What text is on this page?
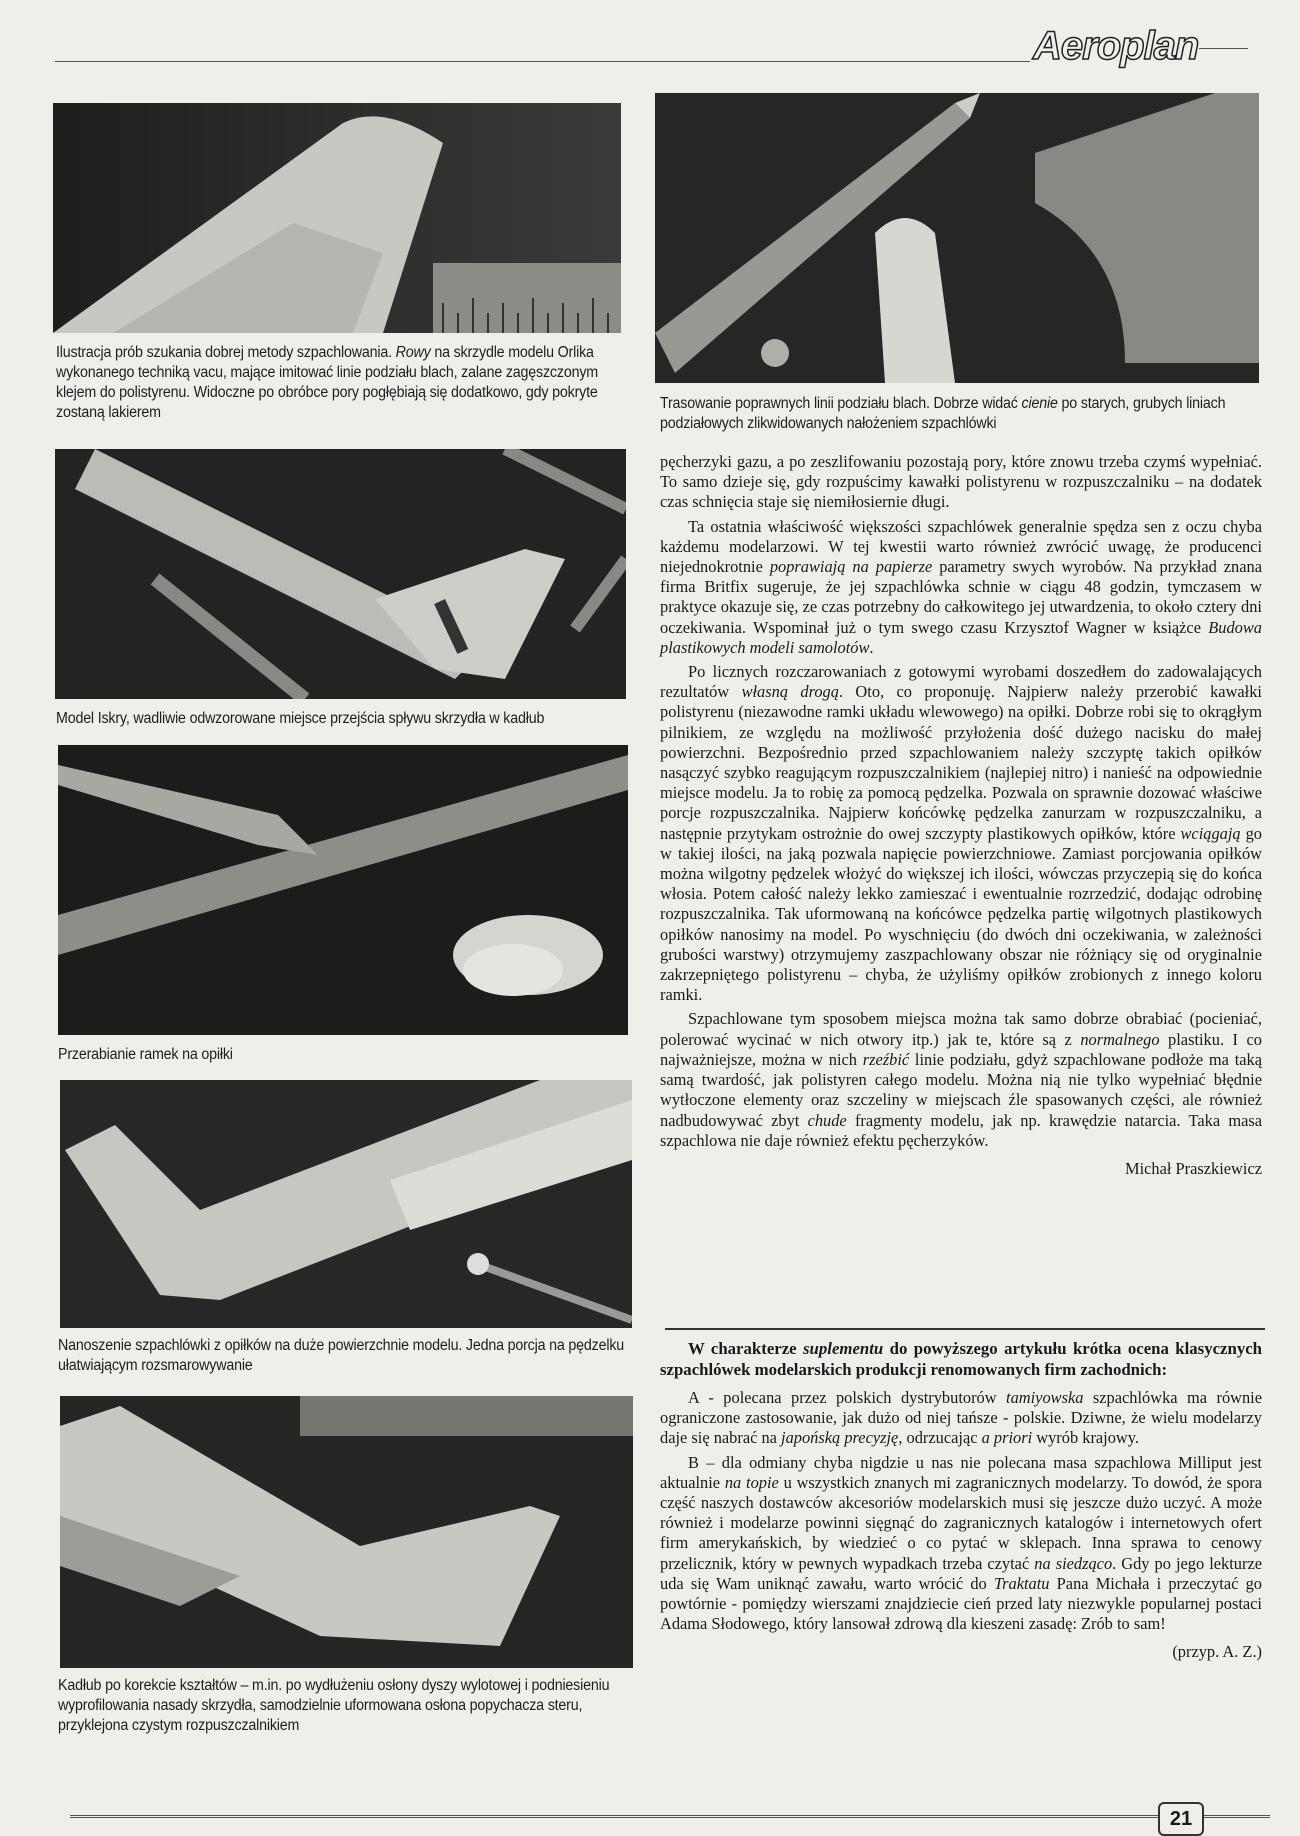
Aeroplan
Ilustracja prób szukania dobrej metody szpachlowania. Rowy na skrzydle modelu Orlika wykonanego techniką vacu, mające imitować linie podziału blach, zalane zagęszczonym klejem do polistyrenu. Widoczne po obróbce pory pogłębiają się dodatkowo, gdy pokryte zostaną lakierem
Trasowanie poprawnych linii podziału blach. Dobrze widać cienie po starych, grubych liniach podziałowych zlikwidowanych nałożeniem szpachlówki
Model Iskry, wadliwie odwzorowane miejsce przejścia spływu skrzydła w kadłub
Przerabianie ramek na opiłki
Nanoszenie szpachlówki z opiłków na duże powierzchnie modelu. Jedna porcja na pędzelku ułatwiającym rozsmarowywanie
Kadłub po korekcie kształtów – m.in. po wydłużeniu osłony dyszy wylotowej i podniesieniu wyprofilowania nasady skrzydła, samodzielnie uformowana osłona popychacza steru, przyklejona czystym rozpuszczalnikiem

pęcherzyki gazu, a po zeszlifowaniu pozostają pory, które znowu trzeba czymś wypełniać. To samo dzieje się, gdy rozpuścimy kawałki polistyrenu w rozpuszczalniku – na dodatek czas schnięcia staje się niemiłosiernie długi.

Ta ostatnia właściwość większości szpachlówek generalnie spędza sen z oczu chyba każdemu modelarzowi. W tej kwestii warto również zwrócić uwagę, że producenci niejednokrotnie poprawiają na papierze parametry swych wyrobów. Na przykład znana firma Britfix sugeruje, że jej szpachlówka schnie w ciągu 48 godzin, tymczasem w praktyce okazuje się, ze czas potrzebny do całkowitego jej utwardzenia, to około cztery dni oczekiwania. Wspominał już o tym swego czasu Krzysztof Wagner w książce Budowa plastikowych modeli samolotów.

Po licznych rozczarowaniach z gotowymi wyrobami doszedłem do zadowalających rezultatów własną drogą. Oto, co proponuję. Najpierw należy przerobić kawałki polistyrenu (niezawodne ramki układu wlewowego) na opiłki. Dobrze robi się to okrągłym pilnikiem, ze względu na możliwość przyłożenia dość dużego nacisku do małej powierzchni. Bezpośrednio przed szpachlowaniem należy szczyptę takich opiłków nasączyć szybko reagującym rozpuszczalnikiem (najlepiej nitro) i nanieść na odpowiednie miejsce modelu. Ja to robię za pomocą pędzelka. Pozwala on sprawnie dozować właściwe porcje rozpuszczalnika. Najpierw końcówkę pędzelka zanurzam w rozpuszczalniku, a następnie przytykam ostrożnie do owej szczypty plastikowych opiłków, które wciągają go w takiej ilości, na jaką pozwala napięcie powierzchniowe. Zamiast porcjowania opiłków można wilgotny pędzelek włożyć do większej ich ilości, wówczas przyczepią się do końca włosia. Potem całość należy lekko zamieszać i ewentualnie rozrzedzić, dodając odrobinę rozpuszczalnika. Tak uformowaną na końcówce pędzelka partię wilgotnych plastikowych opiłków nanosimy na model. Po wyschnięciu (do dwóch dni oczekiwania, w zależności grubości warstwy) otrzymujemy zaszpachlowany obszar nie różniący się od oryginalnie zakrzepniętego polistyrenu – chyba, że użyliśmy opiłków zrobionych z innego koloru ramki.

Szpachlowane tym sposobem miejsca można tak samo dobrze obrabiać (pocieniać, polerować wycinać w nich otwory itp.) jak te, które są z normalnego plastiku. I co najważniejsze, można w nich rzeźbić linie podziału, gdyż szpachlowane podłoże ma taką samą twardość, jak polistyren całego modelu. Można nią nie tylko wypełniać błędnie wytłoczone elementy oraz szczeliny w miejscach źle spasowanych części, ale również nadbudowywać zbyt chude fragmenty modelu, jak np. krawędzie natarcia. Taka masa szpachlowa nie daje również efektu pęcherzyków.

Michał Praszkiewicz
W charakterze suplementu do powyższego artykułu krótka ocena klasycznych szpachlówek modelarskich produkcji renomowanych firm zachodnich:

A - polecana przez polskich dystrybutorów tamiyowska szpachlówka ma równie ograniczone zastosowanie, jak dużo od niej tańsze - polskie. Dziwne, że wielu modelarzy daje się nabrać na japońską precyzję, odrzucając a priori wyrób krajowy.

B – dla odmiany chyba nigdzie u nas nie polecana masa szpachlowa Milliput jest aktualnie na topie u wszystkich znanych mi zagranicznych modelarzy. To dowód, że spora część naszych dostawców akcesoriów modelarskich musi się jeszcze dużo uczyć. A może również i modelarze powinni sięgnąć do zagranicznych katalogów i internetowych ofert firm amerykańskich, by wiedzieć o co pytać w sklepach. Inna sprawa to cenowy przelicznik, który w pewnych wypadkach trzeba czytać na siedząco. Gdy po jego lekturze uda się Wam uniknąć zawału, warto wrócić do Traktatu Pana Michała i przeczytać go powtórnie - pomiędzy wierszami znajdziecie cień przed laty niezwykle popularnej postaci Adama Słodowego, który lansował zdrową dla kieszeni zasadę: Zrób to sam!

(przyp. A. Z.)
21
